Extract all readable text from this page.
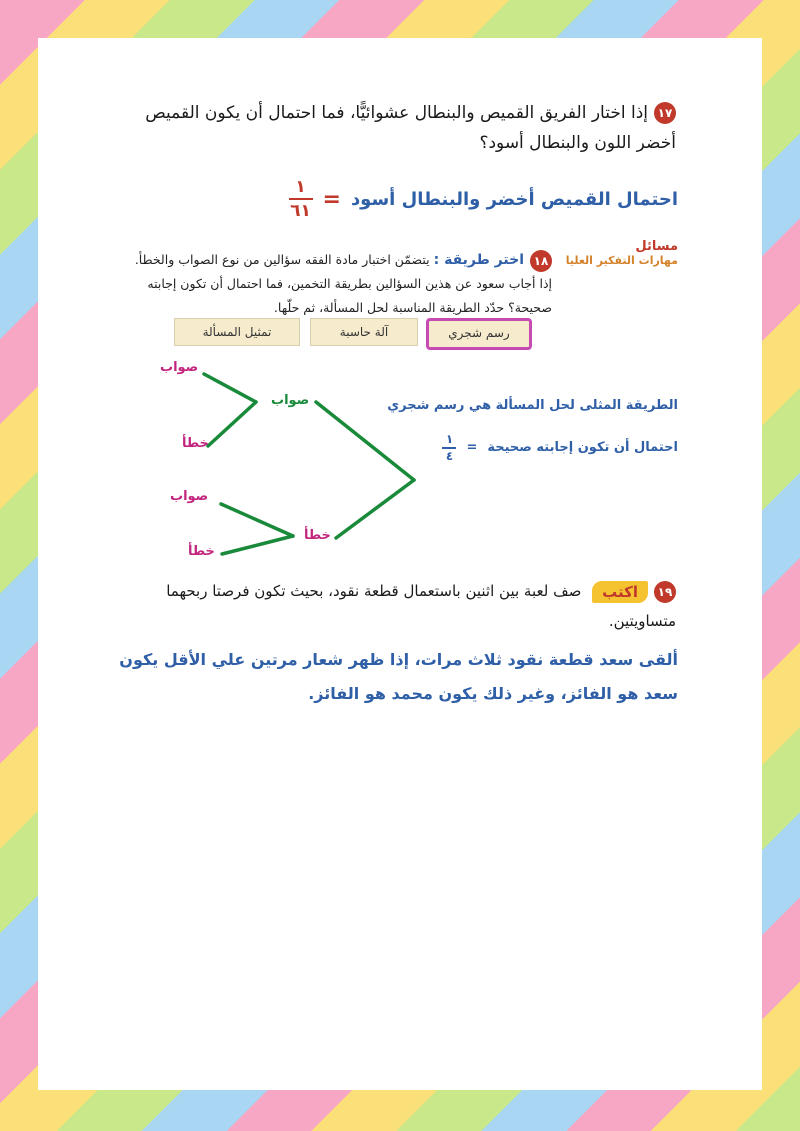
١٧إذا اختار الفريق القميص والبنطال عشوائيًّا، فما احتمال أن يكون القميص أخضر اللون والبنطال أسود؟
احتمال القميص أخضر والبنطال أسود
=
$\frac{١}{٦١}$
مسائل
مهارات التفكير العليا
١٨اختر طريقة : يتضمّن اختبار مادة الفقه سؤالين من نوع الصواب والخطأ. إذا أجاب سعود عن هذين السؤالين بطريقة التخمين، فما احتمال أن تكون إجابته صحيحة؟ حدّد الطريقة المناسبة لحل المسألة، ثم حلّها.
رسم شجري
آلة حاسبة
تمثيل المسألة
صواب
صواب
خطأ
صواب
خطأ
خطأ
الطريقة المثلى لحل المسألة هي رسم شجري
احتمال أن تكون إجابته صحيحة
=
١
٤
١٩اكتب صف لعبة بين اثنين باستعمال قطعة نقود، بحيث تكون فرصتا ربحهما متساويتين.
ألقى سعد قطعة نقود ثلاث مرات، إذا ظهر شعار مرتين علي الأقل يكون سعد هو الفائز، وغير ذلك يكون محمد هو الفائز.
